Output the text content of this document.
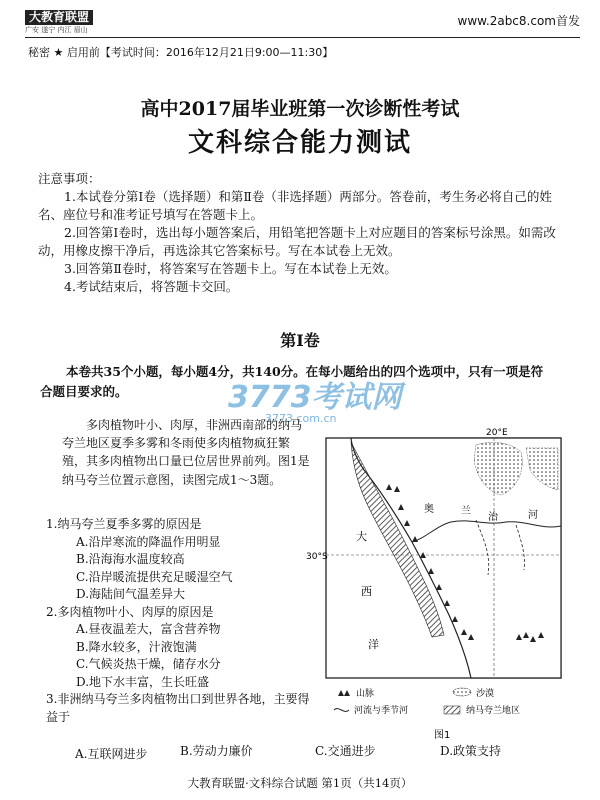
大教育联盟
广安 遂宁 内江 眉山
www.2abc8.com首发
秘密 ★ 启用前【考试时间：2016年12月21日9:00—11:30】
高中2017届毕业班第一次诊断性考试
文科综合能力测试

注意事项：

1.本试卷分第Ⅰ卷（选择题）和第Ⅱ卷（非选择题）两部分。答卷前，考生务必将自己的姓名、座位号和准考证号填写在答题卡上。

2.回答第Ⅰ卷时，选出每小题答案后，用铅笔把答题卡上对应题目的答案标号涂黑。如需改动，用橡皮擦干净后，再选涂其它答案标号。写在本试卷上无效。

3.回答第Ⅱ卷时，将答案写在答题卡上。写在本试卷上无效。

4.考试结束后，将答题卡交回。

第Ⅰ卷

本卷共35个小题，每小题4分，共140分。在每小题给出的四个选项中，只有一项是符合题目要求的。	3773考试网
3773.com.cn

多肉植物叶小、肉厚，非洲西南部的纳马夸兰地区夏季多雾和冬雨使多肉植物疯狂繁殖，其多肉植物出口量已位居世界前列。图1是纳马夸兰位置示意图，读图完成1～3题。

1.纳马夸兰夏季多雾的原因是
A.沿岸寒流的降温作用明显
B.沿海海水温度较高
C.沿岸暖流提供充足暖湿空气
D.海陆间气温差异大
2.多肉植物叶小、肉厚的原因是
A.昼夜温差大，富含营养物
B.降水较多，汁液饱满
C.气候炎热干燥，储存水分
D.地下水丰富，生长旺盛
3.非洲纳马夸兰多肉植物出口到世界各地，主要得益于
A.互联网进步	B.劳动力廉价	C.交通进步	D.政策支持
20°E
30°S
大
西
洋
奥	兰
治	河
山脉	沙漠
河流与季节河	纳马夸兰地区
图1
大教育联盟·文科综合试题 第1页（共14页）
